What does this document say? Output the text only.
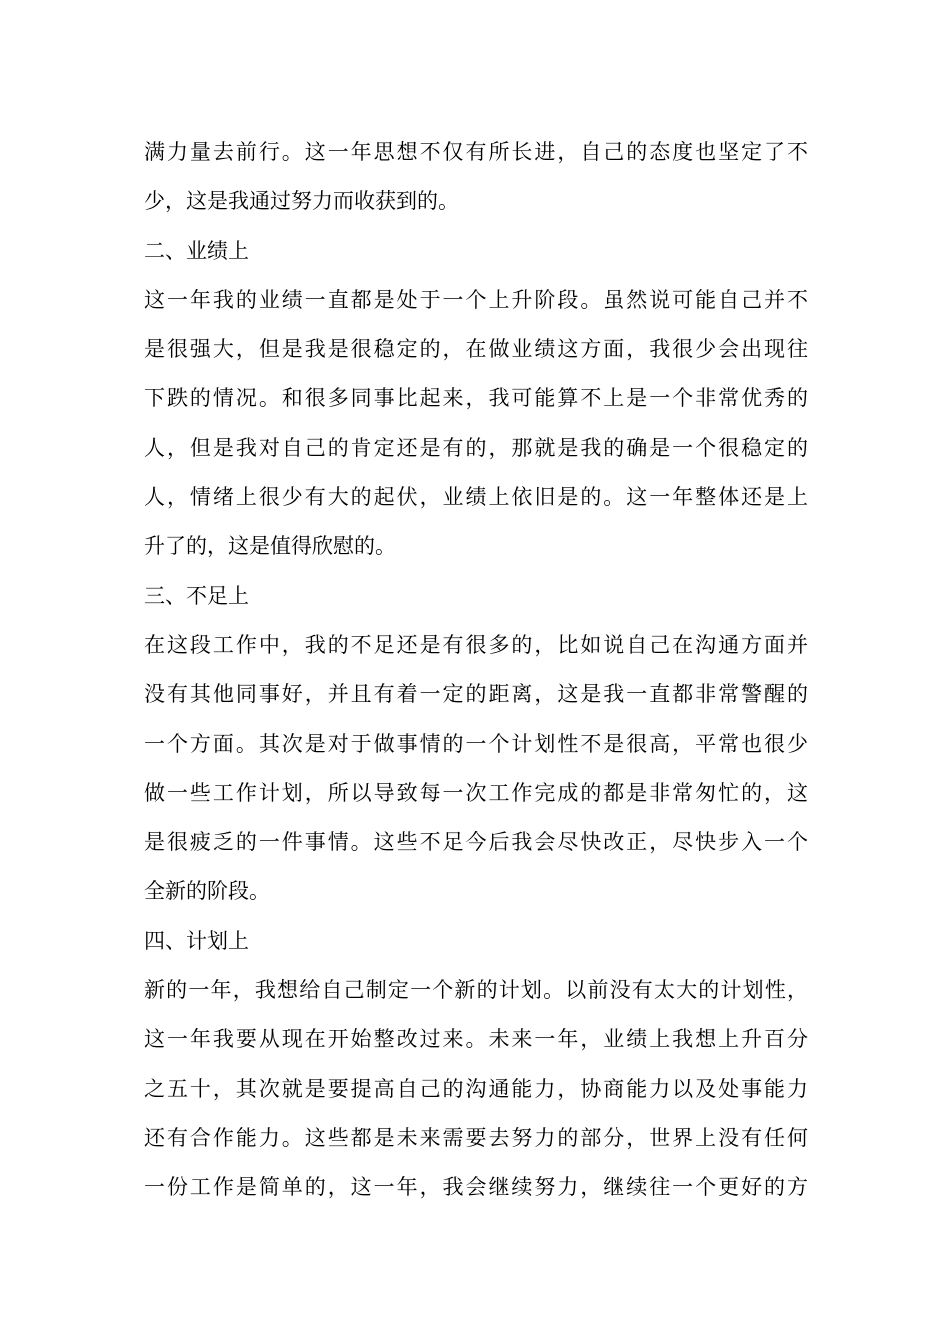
满力量去前行。这一年思想不仅有所长进，自己的态度也坚定了不
少，这是我通过努力而收获到的。
二、业绩上
这一年我的业绩一直都是处于一个上升阶段。虽然说可能自己并不
是很强大，但是我是很稳定的，在做业绩这方面，我很少会出现往
下跌的情况。和很多同事比起来，我可能算不上是一个非常优秀的
人，但是我对自己的肯定还是有的，那就是我的确是一个很稳定的
人，情绪上很少有大的起伏，业绩上依旧是的。这一年整体还是上
升了的，这是值得欣慰的。
三、不足上
在这段工作中，我的不足还是有很多的，比如说自己在沟通方面并
没有其他同事好，并且有着一定的距离，这是我一直都非常警醒的
一个方面。其次是对于做事情的一个计划性不是很高，平常也很少
做一些工作计划，所以导致每一次工作完成的都是非常匆忙的，这
是很疲乏的一件事情。这些不足今后我会尽快改正，尽快步入一个
全新的阶段。
四、计划上
新的一年，我想给自己制定一个新的计划。以前没有太大的计划性，
这一年我要从现在开始整改过来。未来一年，业绩上我想上升百分
之五十，其次就是要提高自己的沟通能力，协商能力以及处事能力
还有合作能力。这些都是未来需要去努力的部分，世界上没有任何
一份工作是简单的，这一年，我会继续努力，继续往一个更好的方
